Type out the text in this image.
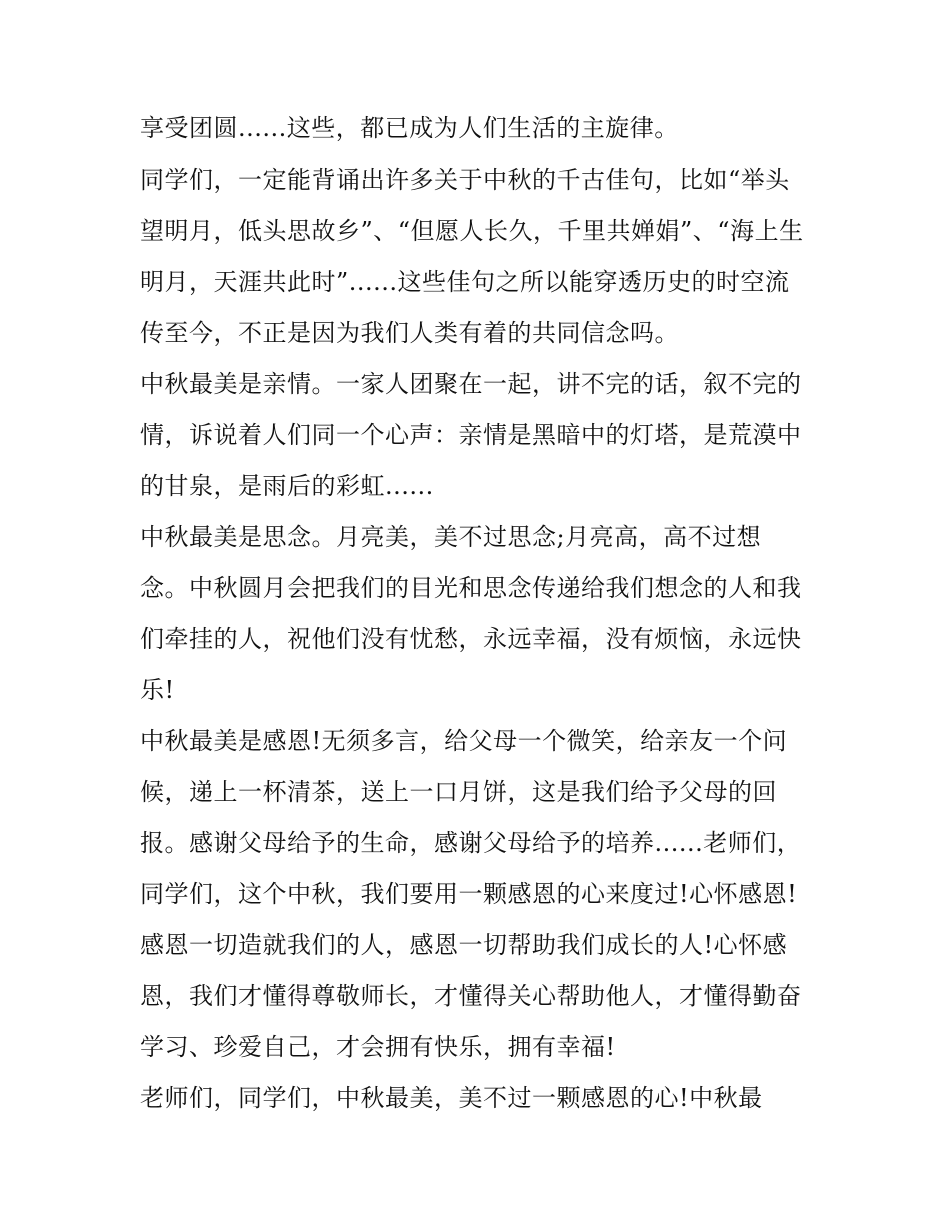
享受团圆......这些，都已成为人们生活的主旋律。
同学们，一定能背诵出许多关于中秋的千古佳句，比如“举头
望明月，低头思故乡”、“但愿人长久，千里共婵娟”、“海上生
明月，天涯共此时”......这些佳句之所以能穿透历史的时空流
传至今，不正是因为我们人类有着的共同信念吗。
中秋最美是亲情。一家人团聚在一起，讲不完的话，叙不完的
情，诉说着人们同一个心声：亲情是黑暗中的灯塔，是荒漠中
的甘泉，是雨后的彩虹......
中秋最美是思念。月亮美，美不过思念;月亮高，高不过想
念。中秋圆月会把我们的目光和思念传递给我们想念的人和我
们牵挂的人，祝他们没有忧愁，永远幸福，没有烦恼，永远快
乐!
中秋最美是感恩!无须多言，给父母一个微笑，给亲友一个问
候，递上一杯清茶，送上一口月饼，这是我们给予父母的回
报。感谢父母给予的生命，感谢父母给予的培养......老师们，
同学们，这个中秋，我们要用一颗感恩的心来度过!心怀感恩!
感恩一切造就我们的人，感恩一切帮助我们成长的人!心怀感
恩，我们才懂得尊敬师长，才懂得关心帮助他人，才懂得勤奋
学习、珍爱自己，才会拥有快乐，拥有幸福!
老师们，同学们，中秋最美，美不过一颗感恩的心!中秋最
